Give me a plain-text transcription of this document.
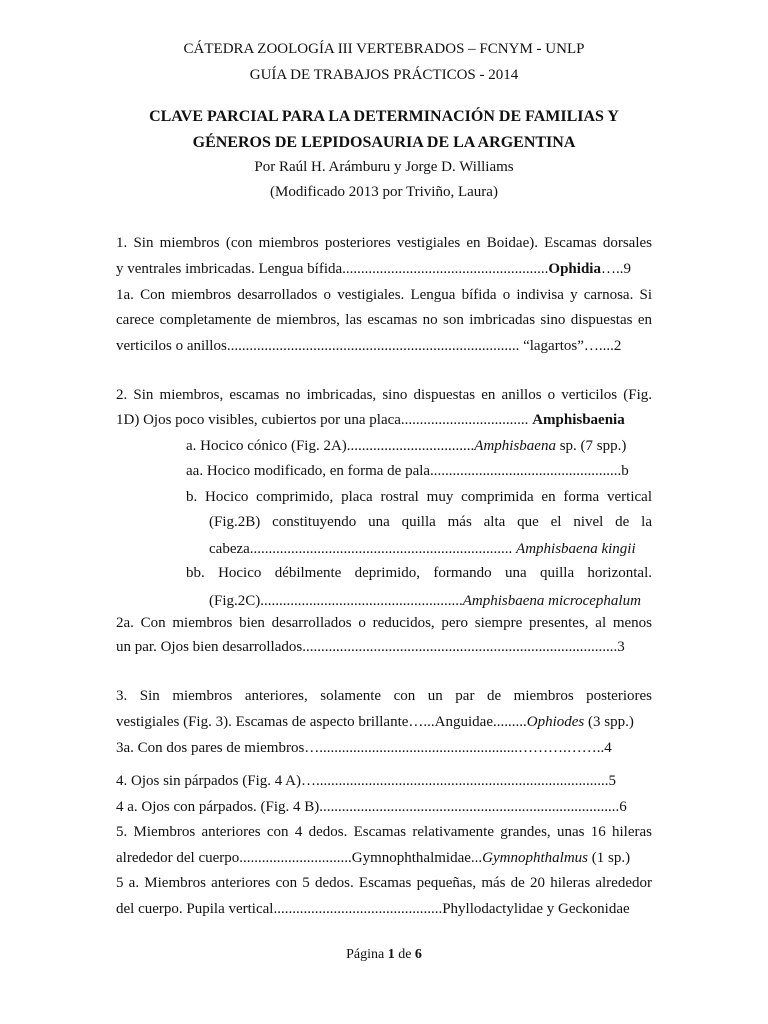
CÁTEDRA ZOOLOGÍA III VERTEBRADOS – FCNYM - UNLP
GUÍA DE TRABAJOS PRÁCTICOS - 2014
CLAVE PARCIAL PARA LA DETERMINACIÓN DE FAMILIAS Y
GÉNEROS DE LEPIDOSAURIA DE LA ARGENTINA
Por Raúl H. Arámburu y Jorge D. Williams
(Modificado 2013 por Triviño, Laura)
1. Sin miembros (con miembros posteriores vestigiales en Boidae). Escamas dorsales
y ventrales imbricadas. Lengua bífida.......................................................Ophidia…..9
1a. Con miembros desarrollados o vestigiales. Lengua bífida o indivisa y carnosa. Si
carece completamente de miembros, las escamas no son imbricadas sino dispuestas en
verticilos o anillos.............................................................................. “lagartos”…....2
2. Sin miembros, escamas no imbricadas, sino dispuestas en anillos o verticilos (Fig.
1D) Ojos poco visibles, cubiertos por una placa.................................. Amphisbaenia
a. Hocico cónico (Fig. 2A)..................................Amphisbaena sp. (7 spp.)
aa. Hocico modificado, en forma de pala...................................................b
b. Hocico comprimido, placa rostral muy comprimida en forma vertical
(Fig.2B) constituyendo una quilla más alta que el nivel de la
cabeza...................................................................... Amphisbaena kingii
bb. Hocico débilmente deprimido, formando una quilla horizontal.
(Fig.2C)......................................................Amphisbaena microcephalum
2a. Con miembros bien desarrollados o reducidos, pero siempre presentes, al menos
un par. Ojos bien desarrollados....................................................................................3
3. Sin miembros anteriores, solamente con un par de miembros posteriores
vestigiales (Fig. 3). Escamas de aspecto brillante…...Anguidae.........Ophiodes (3 spp.)
3a. Con dos pares de miembros….....................................................……….……..4
4. Ojos sin párpados (Fig. 4 A)…..............................................................................5
4 a. Ojos con párpados. (Fig. 4 B)................................................................................6
5. Miembros anteriores con 4 dedos. Escamas relativamente grandes, unas 16 hileras
alrededor del cuerpo..............................Gymnophthalmidae...Gymnophthalmus (1 sp.)
5 a. Miembros anteriores con 5 dedos. Escamas pequeñas, más de 20 hileras alrededor
del cuerpo. Pupila vertical.............................................Phyllodactylidae y Geckonidae
Página 1 de 6
